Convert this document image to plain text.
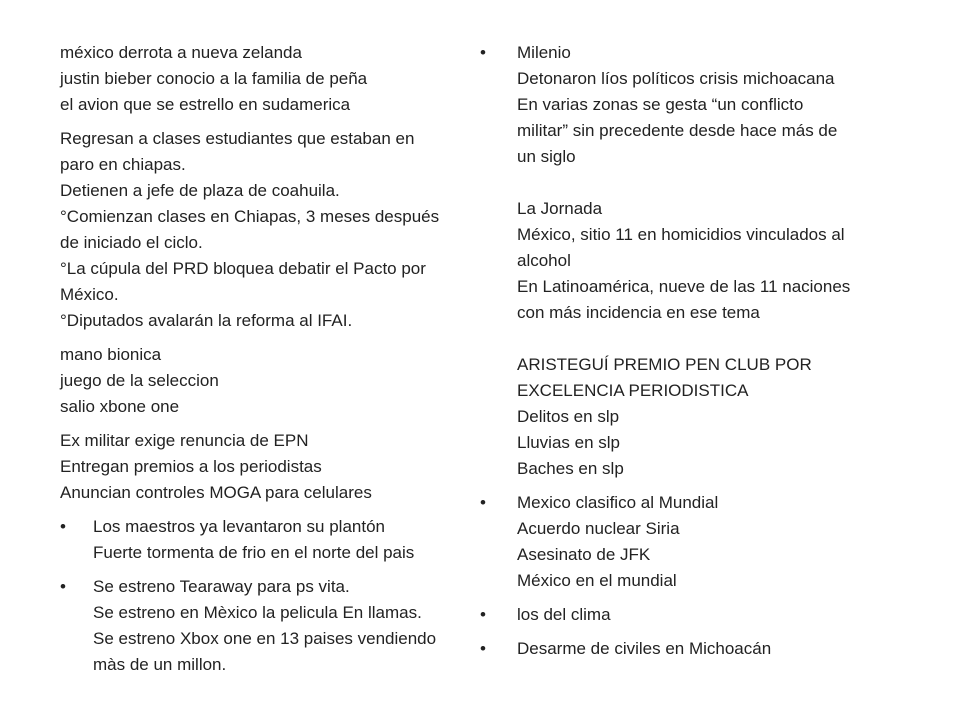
méxico derrota a nueva zelanda
justin bieber conocio a la familia de peña
el avion que se estrello en sudamerica
Regresan a clases estudiantes que estaban en
paro en chiapas.
Detienen a jefe de plaza de coahuila.
°Comienzan clases en Chiapas, 3 meses después
de iniciado el ciclo.
°La cúpula del PRD bloquea debatir el Pacto por
México.
°Diputados avalarán la reforma al IFAI.
mano bionica
juego de la seleccion
salio xbone one
Ex militar exige renuncia de EPN
Entregan premios a los periodistas
Anuncian controles MOGA para celulares
• Los maestros ya levantaron su plantón
Fuerte tormenta de frio en el norte del pais
• Se estreno Tearaway para ps vita.
Se estreno en Mèxico la pelicula En llamas.
Se estreno Xbox one en 13 paises vendiendo
màs de un millon.
• Milenio
Detonaron líos políticos crisis michoacana
En varias zonas se gesta “un conflicto
militar” sin precedente desde hace más de
un siglo
La Jornada
México, sitio 11 en homicidios vinculados al
alcohol
En Latinoamérica, nueve de las 11 naciones
con más incidencia en ese tema
ARISTEGUÍ PREMIO PEN CLUB POR
EXCELENCIA PERIODISTICA
Delitos en slp
Lluvias en slp
Baches en slp
• Mexico clasifico al Mundial
Acuerdo nuclear Siria
Asesinato de JFK
México en el mundial
• los del clima
• Desarme de civiles en Michoacán
